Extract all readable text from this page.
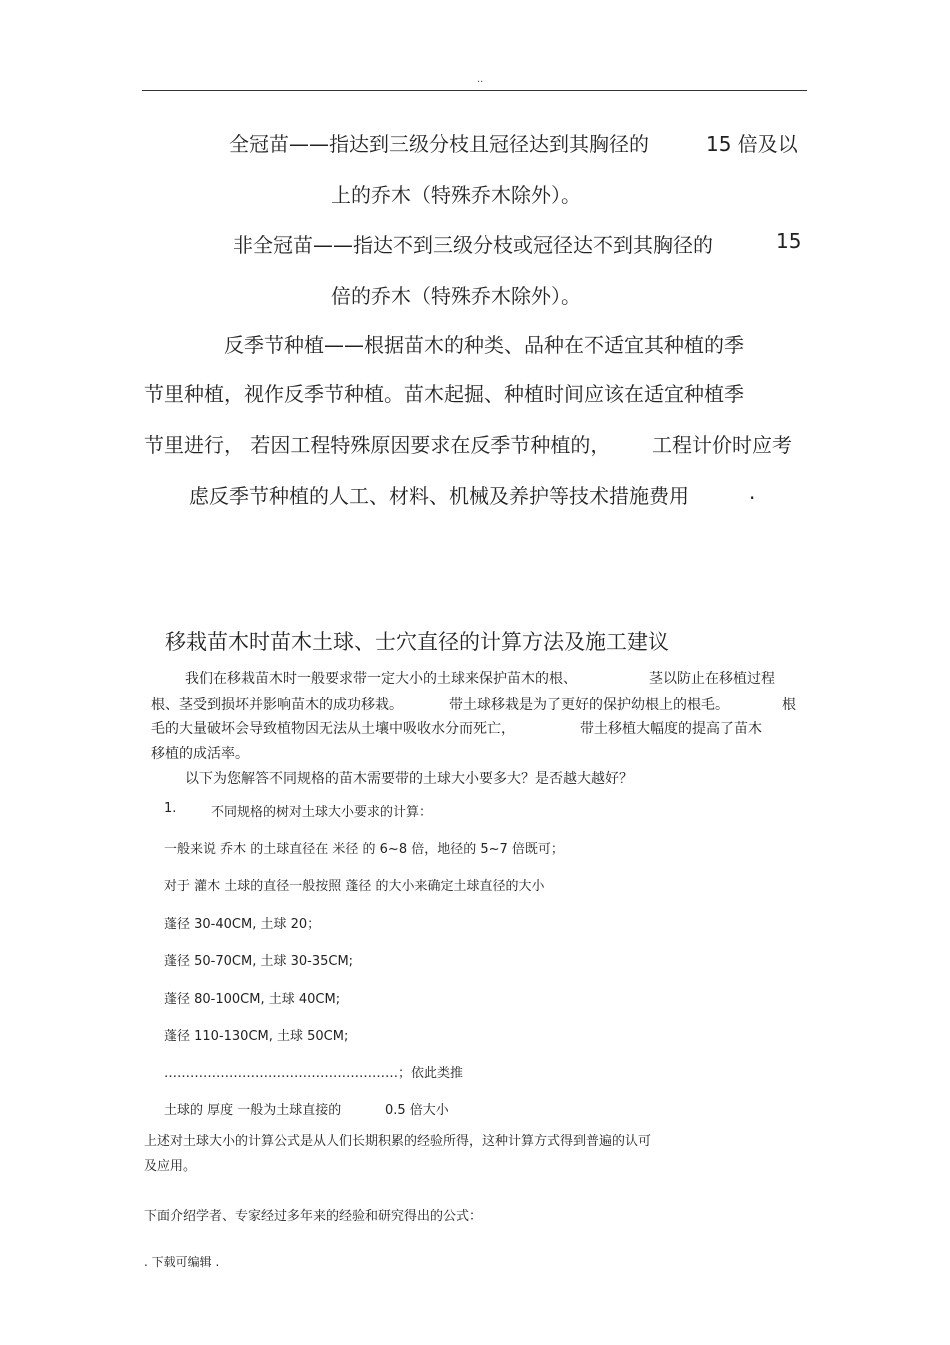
..
全冠苗——指达到三级分枝且冠径达到其胸径的	15 倍及以
上的乔木（特殊乔木除外）。
非全冠苗——指达不到三级分枝或冠径达不到其胸径的	15
倍的乔木（特殊乔木除外）。
反季节种植——根据苗木的种类、品种在不适宜其种植的季
节里种植，视作反季节种植。苗木起掘、种植时间应该在适宜种植季
节里进行， 若因工程特殊原因要求在反季节种植的， 工程计价时应考
虑反季节种植的人工、材料、机械及养护等技术措施费用	.
移栽苗木时苗木土球、士穴直径的计算方法及施工建议
我们在移栽苗木时一般要求带一定大小的土球来保护苗木的根、	茎以防止在移植过程
根、茎受到损坏并影响苗木的成功移栽。	带土球移栽是为了更好的保护幼根上的根毛。	根
毛的大量破坏会导致植物因无法从土壤中吸收水分而死亡，	带土移植大幅度的提高了苗木
移植的成活率。
以下为您解答不同规格的苗木需要带的土球大小要多大？是否越大越好？
1.	不同规格的树对土球大小要求的计算：
一般来说 乔木 的土球直径在 米径 的 6~8 倍，地径的 5~7 倍既可；
对于 灌木 土球的直径一般按照 蓬径 的大小来确定土球直径的大小
蓬径 30-40CM, 土球 20；
蓬径 50-70CM, 土球 30-35CM;
蓬径 80-100CM, 土球 40CM;
蓬径 110-130CM, 土球 50CM;
………………………………………………；依此类推
土球的 厚度 一般为土球直接的	0.5 倍大小
上述对土球大小的计算公式是从人们长期积累的经验所得，这种计算方式得到普遍的认可
及应用。
下面介绍学者、专家经过多年来的经验和研究得出的公式：
. 下载可编辑 .
